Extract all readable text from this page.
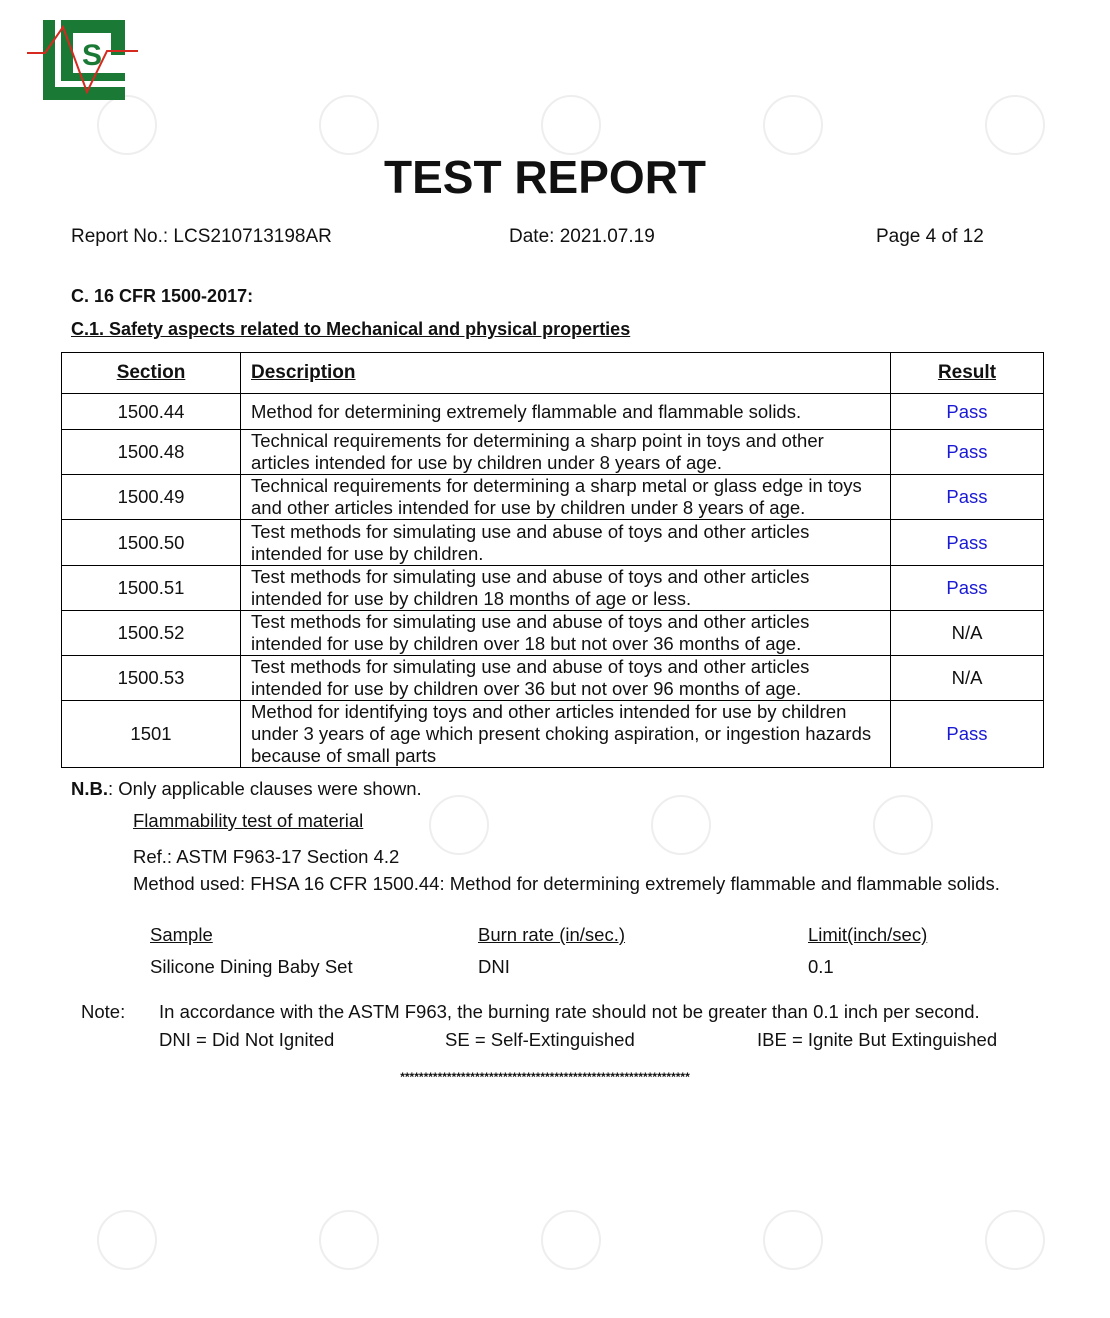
S
TEST REPORT
Report No.: LCS210713198AR	Date: 2021.07.19	Page 4 of 12
C. 16 CFR 1500-2017:
C.1. Safety aspects related to Mechanical and physical properties
Section	Description	Result
1500.44	Method for determining extremely flammable and flammable solids.	Pass
1500.48	Technical requirements for determining a sharp point in toys and other articles intended for use by children under 8 years of age.	Pass
1500.49	Technical requirements for determining a sharp metal or glass edge in toys and other articles intended for use by children under 8 years of age.	Pass
1500.50	Test methods for simulating use and abuse of toys and other articles intended for use by children.	Pass
1500.51	Test methods for simulating use and abuse of toys and other articles intended for use by children 18 months of age or less.	Pass
1500.52	Test methods for simulating use and abuse of toys and other articles intended for use by children over 18 but not over 36 months of age.	N/A
1500.53	Test methods for simulating use and abuse of toys and other articles intended for use by children over 36 but not over 96 months of age.	N/A
1501	Method for identifying toys and other articles intended for use by children under 3 years of age which present choking aspiration, or ingestion hazards because of small parts	Pass
N.B.: Only applicable clauses were shown.
Flammability test of material
Ref.: ASTM F963-17 Section 4.2
Method used: FHSA 16 CFR 1500.44: Method for determining extremely flammable and flammable solids.
Sample	Burn rate (in/sec.)	Limit(inch/sec)
Silicone Dining Baby Set	DNI	0.1
Note: In accordance with the ASTM F963, the burning rate should not be greater than 0.1 inch per second.
DNI = Did Not Ignited	SE = Self-Extinguished	IBE = Ignite But Extinguished
**************************************************************
